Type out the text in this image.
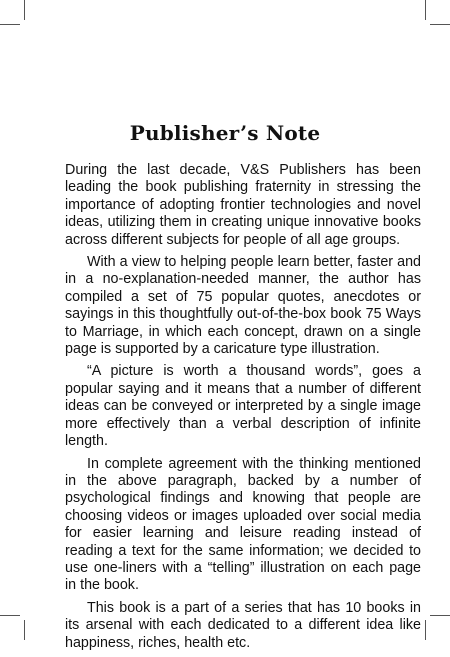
Publisher’s Note

During the last decade, V&S Publishers has been leading the book publishing fraternity in stressing the importance of adopting frontier technologies and novel ideas, utilizing them in creating unique innovative books across different subjects for people of all age groups.

With a view to helping people learn better, faster and in a no-explanation-needed manner, the author has compiled a set of 75 popular quotes, anecdotes or sayings in this thoughtfully out-of-the-box book 75 Ways to Marriage, in which each concept, drawn on a single page is supported by a caricature type illustration.

“A picture is worth a thousand words”, goes a popular saying and it means that a number of different ideas can be conveyed or interpreted by a single image more effectively than a verbal description of infinite length.

In complete agreement with the thinking mentioned in the above paragraph, backed by a number of psychological findings and knowing that people are choosing videos or images uploaded over social media for easier learning and leisure reading instead of reading a text for the same information; we decided to use one-liners with a “telling” illustration on each page in the book.

This book is a part of a series that has 10 books in its arsenal with each dedicated to a different idea like happiness, riches, health etc.
